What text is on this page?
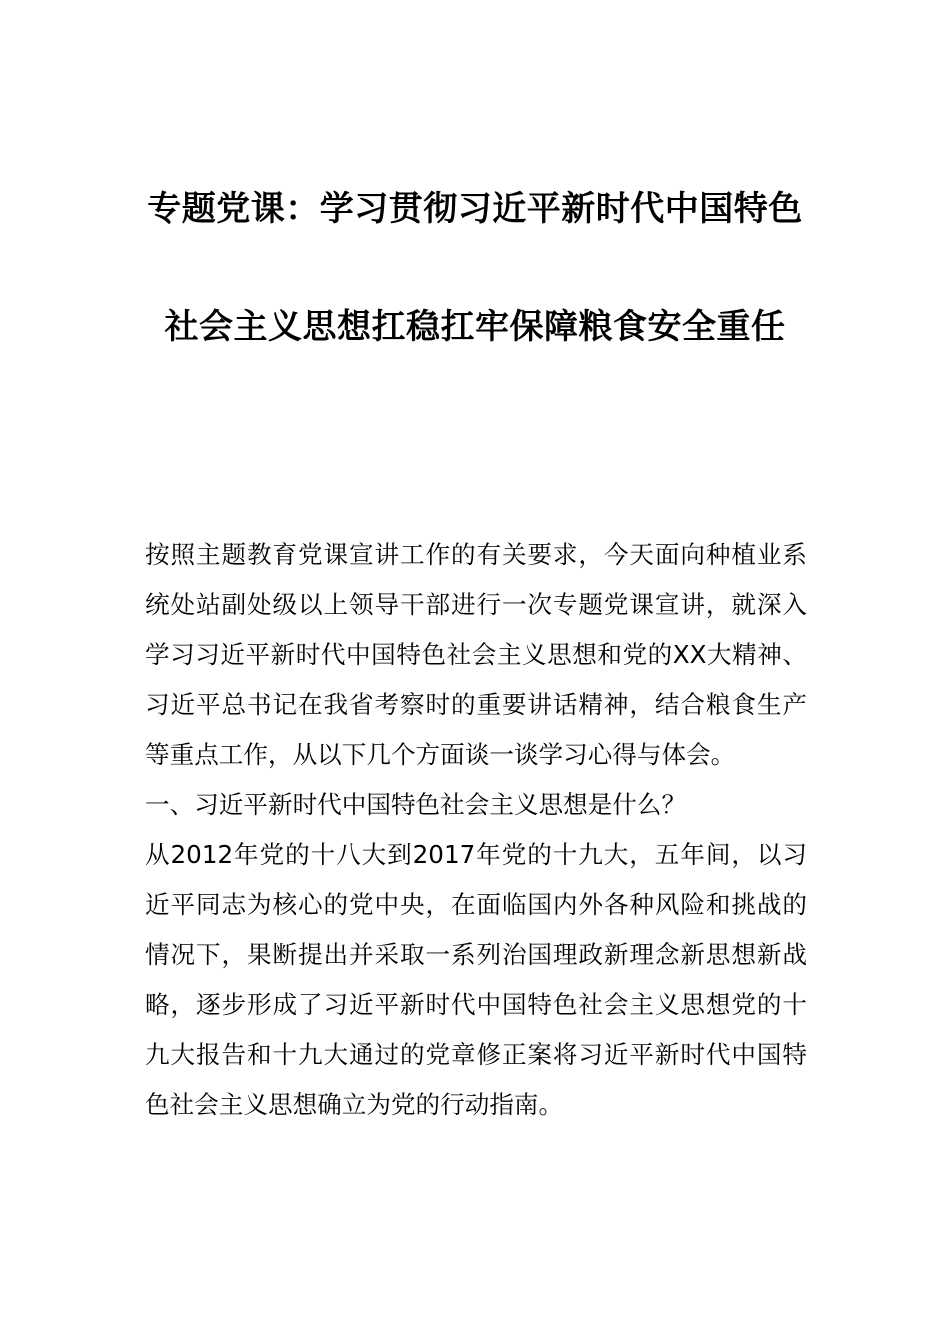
专题党课：学习贯彻习近平新时代中国特色社会主义思想扛稳扛牢保障粮食安全重任

按照主题教育党课宣讲工作的有关要求，今天面向种植业系统处站副处级以上领导干部进行一次专题党课宣讲，就深入学习习近平新时代中国特色社会主义思想和党的XX大精神、习近平总书记在我省考察时的重要讲话精神，结合粮食生产等重点工作，从以下几个方面谈一谈学习心得与体会。

一、习近平新时代中国特色社会主义思想是什么？

从2012年党的十八大到2017年党的十九大，五年间，以习近平同志为核心的党中央，在面临国内外各种风险和挑战的情况下，果断提出并采取一系列治国理政新理念新思想新战略，逐步形成了习近平新时代中国特色社会主义思想党的十九大报告和十九大通过的党章修正案将习近平新时代中国特色社会主义思想确立为党的行动指南。
